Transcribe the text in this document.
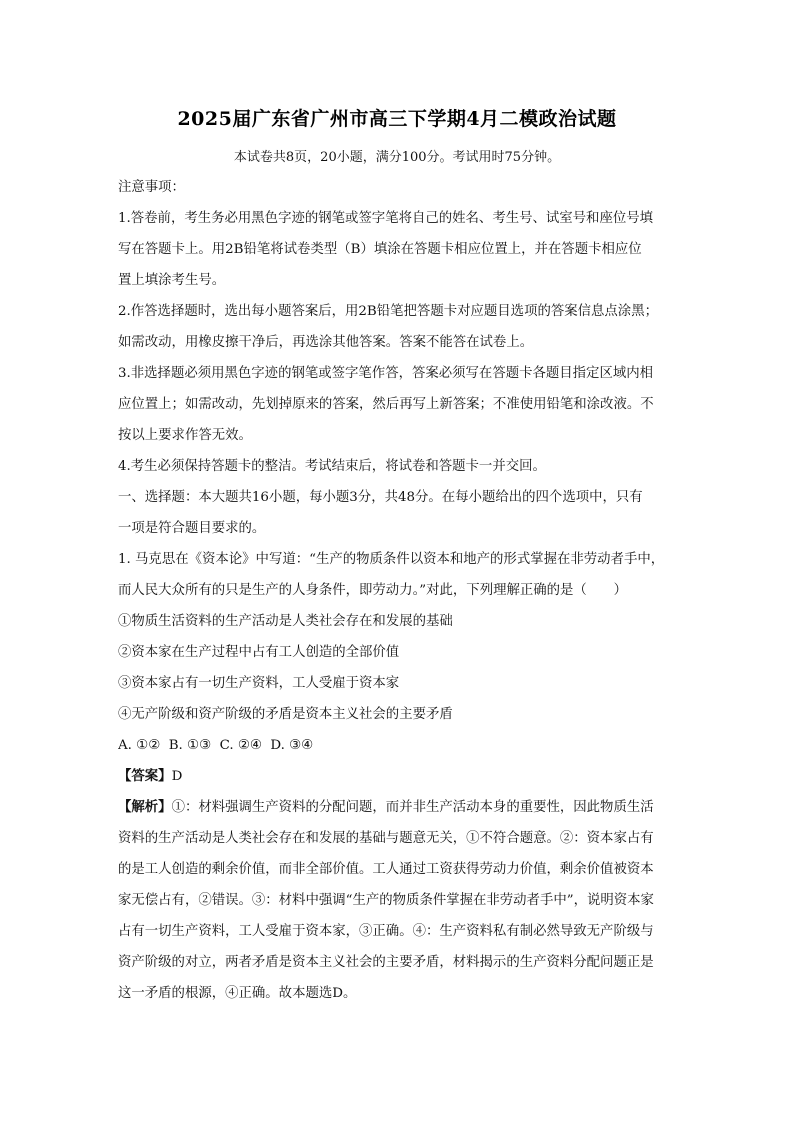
2025届广东省广州市高三下学期4月二模政治试题
本试卷共8页，20小题，满分100分。考试用时75分钟。
注意事项：
1.答卷前，考生务必用黑色字迹的钢笔或签字笔将自己的姓名、考生号、试室号和座位号填
写在答题卡上。用2B铅笔将试卷类型（B）填涂在答题卡相应位置上，并在答题卡相应位
置上填涂考生号。
2.作答选择题时，选出每小题答案后，用2B铅笔把答题卡对应题目选项的答案信息点涂黑；
如需改动，用橡皮擦干净后，再选涂其他答案。答案不能答在试卷上。
3.非选择题必须用黑色字迹的钢笔或签字笔作答，答案必须写在答题卡各题目指定区域内相
应位置上；如需改动，先划掉原来的答案，然后再写上新答案；不准使用铅笔和涂改液。不
按以上要求作答无效。
4.考生必须保持答题卡的整洁。考试结束后，将试卷和答题卡一并交回。
一、选择题：本大题共16小题，每小题3分，共48分。在每小题给出的四个选项中，只有
一项是符合题目要求的。
1. 马克思在《资本论》中写道：“生产的物质条件以资本和地产的形式掌握在非劳动者手中，
而人民大众所有的只是生产的人身条件，即劳动力。”对此，下列理解正确的是（　　）
①物质生活资料的生产活动是人类社会存在和发展的基础
②资本家在生产过程中占有工人创造的全部价值
③资本家占有一切生产资料，工人受雇于资本家
④无产阶级和资产阶级的矛盾是资本主义社会的主要矛盾
A. ①②  B. ①③  C. ②④  D. ③④
【答案】D
【解析】①：材料强调生产资料的分配问题，而并非生产活动本身的重要性，因此物质生活
资料的生产活动是人类社会存在和发展的基础与题意无关，①不符合题意。②：资本家占有
的是工人创造的剩余价值，而非全部价值。工人通过工资获得劳动力价值，剩余价值被资本
家无偿占有，②错误。③：材料中强调“生产的物质条件掌握在非劳动者手中”，说明资本家
占有一切生产资料，工人受雇于资本家，③正确。④：生产资料私有制必然导致无产阶级与
资产阶级的对立，两者矛盾是资本主义社会的主要矛盾，材料揭示的生产资料分配问题正是
这一矛盾的根源，④正确。故本题选D。
